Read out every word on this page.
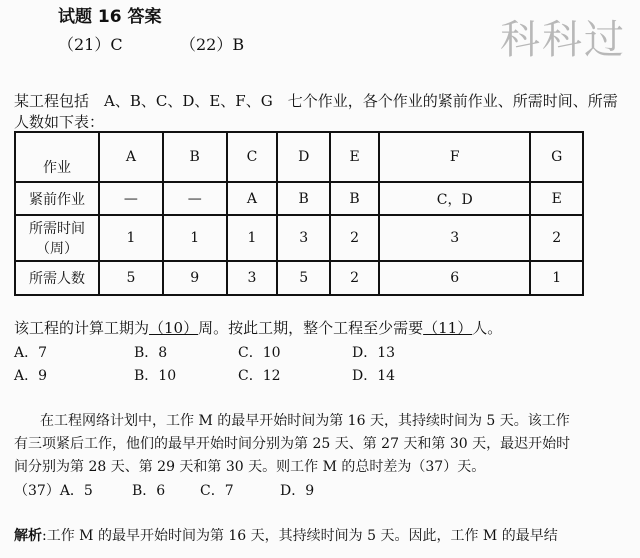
试题 16 答案
（21）C	（22）B	科科过
某工程包括　A、B、C、D、E、F、G　七个作业，各个作业的紧前作业、所需时间、所需
人数如下表：
作业	A	B	C	D	E	F	G
紧前作业	—	—	A	B	B	C，D	E

所需时间
（周）	1	1	1	3	2	3	2
所需人数	5	9	3	5	2	6	1
该工程的计算工期为（10）周。按此工期，整个工程至少需要（11）人。
A．7	B．8	C．10	D．13
A．9	B．10	C．12	D．14
在工程网络计划中，工作 M 的最早开始时间为第 16 天，其持续时间为 5 天。该工作
有三项紧后工作，他们的最早开始时间分别为第 25 天、第 27 天和第 30 天，最迟开始时
间分别为第 28 天、第 29 天和第 30 天。则工作 M 的总时差为（37）天。
（37）A．5	B．6 C．7	D．9
解析:工作 M 的最早开始时间为第 16 天，其持续时间为 5 天。因此，工作 M 的最早结
